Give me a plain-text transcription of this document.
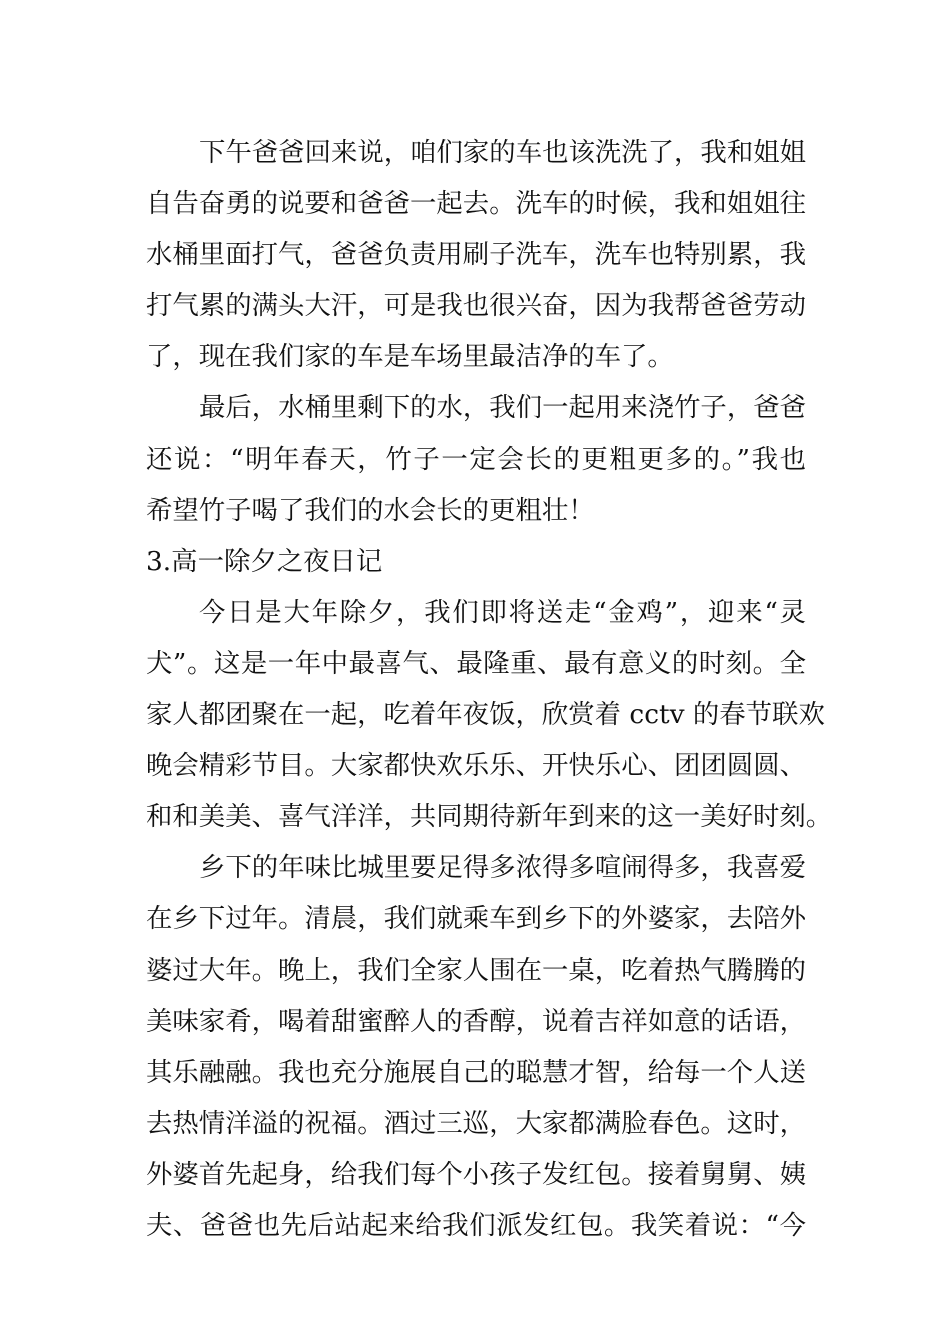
下午爸爸回来说，咱们家的车也该洗洗了，我和姐姐
自告奋勇的说要和爸爸一起去。洗车的时候，我和姐姐往
水桶里面打气，爸爸负责用刷子洗车，洗车也特别累，我
打气累的满头大汗，可是我也很兴奋，因为我帮爸爸劳动
了，现在我们家的车是车场里最洁净的车了。
最后，水桶里剩下的水，我们一起用来浇竹子，爸爸
还说：“明年春天，竹子一定会长的更粗更多的。”我也
希望竹子喝了我们的水会长的更粗壮！
3.高一除夕之夜日记
今日是大年除夕，我们即将送走“金鸡”，迎来“灵
犬”。这是一年中最喜气、最隆重、最有意义的时刻。全
家人都团聚在一起，吃着年夜饭，欣赏着 cctv 的春节联欢
晚会精彩节目。大家都快欢乐乐、开快乐心、团团圆圆、
和和美美、喜气洋洋，共同期待新年到来的这一美好时刻。
乡下的年味比城里要足得多浓得多喧闹得多，我喜爱
在乡下过年。清晨，我们就乘车到乡下的外婆家，去陪外
婆过大年。晚上，我们全家人围在一桌，吃着热气腾腾的
美味家肴，喝着甜蜜醉人的香醇，说着吉祥如意的话语，
其乐融融。我也充分施展自己的聪慧才智，给每一个人送
去热情洋溢的祝福。酒过三巡，大家都满脸春色。这时，
外婆首先起身，给我们每个小孩子发红包。接着舅舅、姨
夫、爸爸也先后站起来给我们派发红包。我笑着说：“今
